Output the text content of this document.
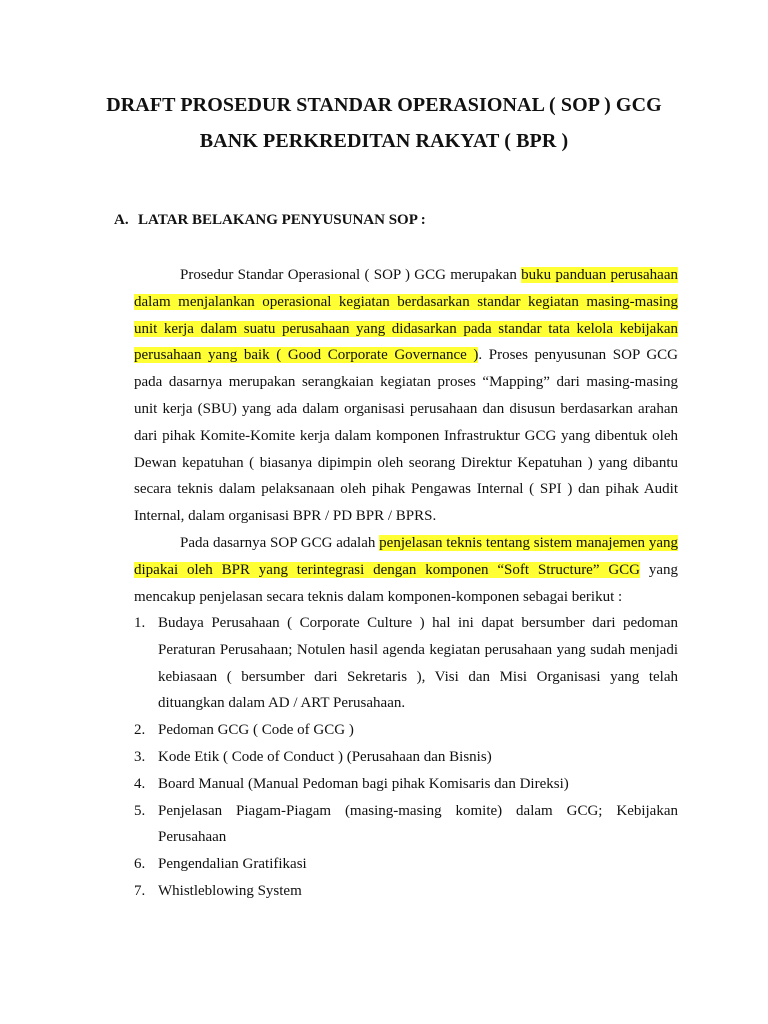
DRAFT PROSEDUR STANDAR OPERASIONAL ( SOP ) GCG
BANK PERKREDITAN RAKYAT ( BPR )
A. LATAR BELAKANG PENYUSUNAN SOP :
Prosedur Standar Operasional ( SOP ) GCG merupakan buku panduan perusahaan dalam menjalankan operasional kegiatan berdasarkan standar kegiatan masing-masing unit kerja dalam suatu perusahaan yang didasarkan pada standar tata kelola kebijakan perusahaan yang baik ( Good Corporate Governance ). Proses penyusunan SOP GCG pada dasarnya merupakan serangkaian kegiatan proses “Mapping” dari masing-masing unit kerja (SBU) yang ada dalam organisasi perusahaan dan disusun berdasarkan arahan dari pihak Komite-Komite kerja dalam komponen Infrastruktur GCG yang dibentuk oleh Dewan kepatuhan ( biasanya dipimpin oleh seorang Direktur Kepatuhan ) yang dibantu secara teknis dalam pelaksanaan oleh pihak Pengawas Internal ( SPI ) dan pihak Audit Internal, dalam organisasi BPR / PD BPR / BPRS.
Pada dasarnya SOP GCG adalah penjelasan teknis tentang sistem manajemen yang dipakai oleh BPR yang terintegrasi dengan komponen “Soft Structure” GCG yang mencakup penjelasan secara teknis dalam komponen-komponen sebagai berikut :
1. Budaya Perusahaan ( Corporate Culture ) hal ini dapat bersumber dari pedoman Peraturan Perusahaan; Notulen hasil agenda kegiatan perusahaan yang sudah menjadi kebiasaan ( bersumber dari Sekretaris ), Visi dan Misi Organisasi yang telah dituangkan dalam AD / ART Perusahaan.
2. Pedoman GCG ( Code of GCG )
3. Kode Etik ( Code of Conduct ) (Perusahaan dan Bisnis)
4. Board Manual (Manual Pedoman bagi pihak Komisaris dan Direksi)
5. Penjelasan Piagam-Piagam (masing-masing komite) dalam GCG; Kebijakan Perusahaan
6. Pengendalian Gratifikasi
7. Whistleblowing System
